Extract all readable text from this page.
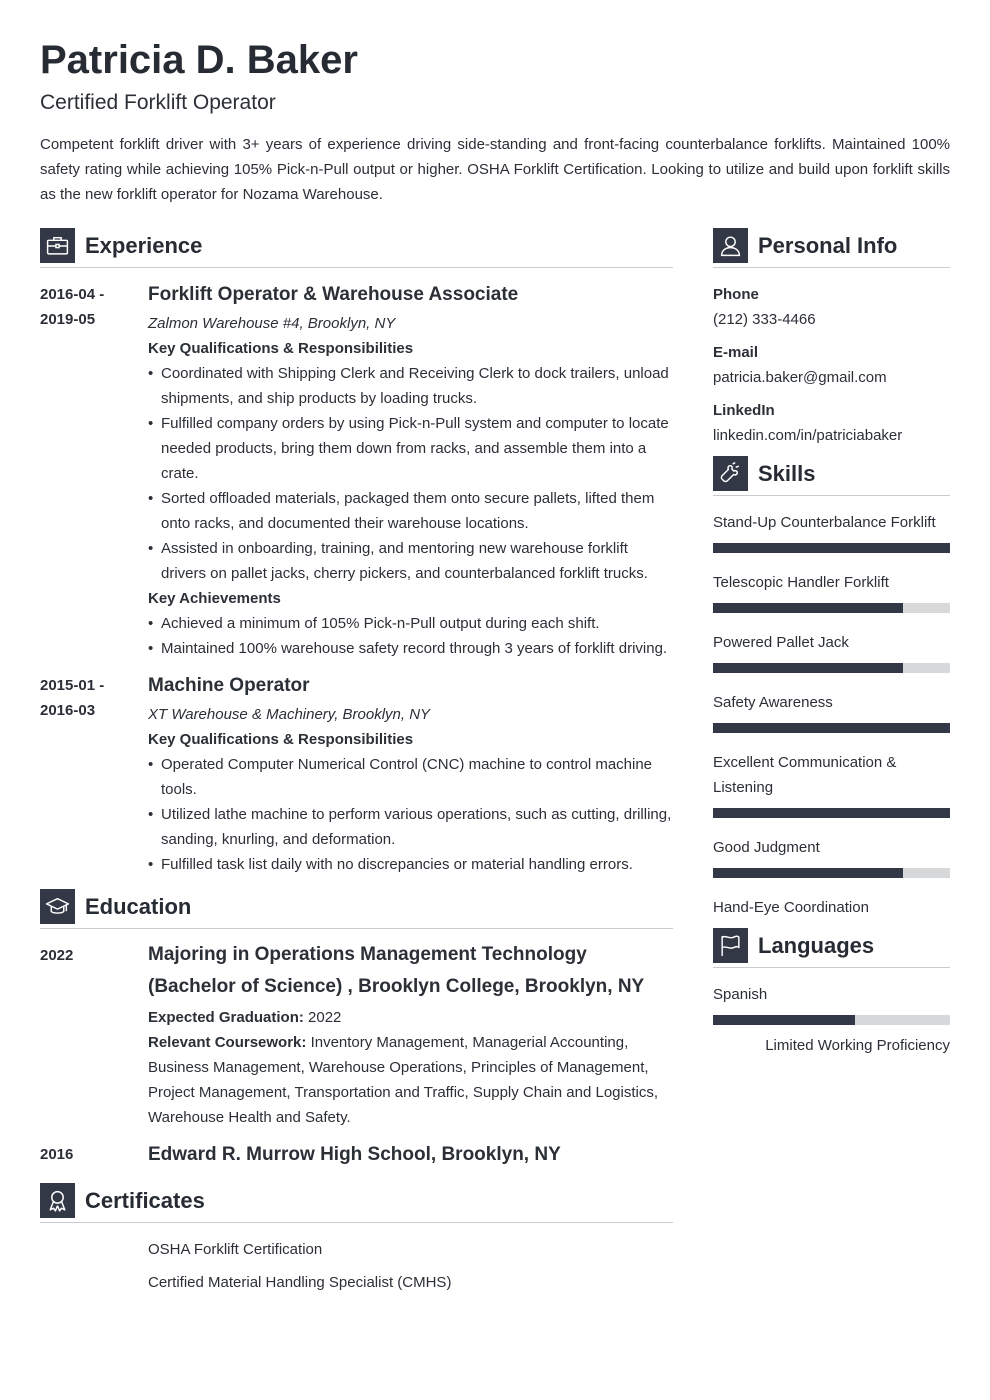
Patricia D. Baker
Certified Forklift Operator
Competent forklift driver with 3+ years of experience driving side-standing and front-facing counterbalance forklifts. Maintained 100% safety rating while achieving 105% Pick-n-Pull output or higher. OSHA Forklift Certification. Looking to utilize and build upon forklift skills as the new forklift operator for Nozama Warehouse.
Experience
2016-04 -
2019-05
Forklift Operator & Warehouse Associate
Zalmon Warehouse #4, Brooklyn, NY
Key Qualifications & Responsibilities
• Coordinated with Shipping Clerk and Receiving Clerk to dock trailers, unload shipments, and ship products by loading trucks.
• Fulfilled company orders by using Pick-n-Pull system and computer to locate needed products, bring them down from racks, and assemble them into a crate.
• Sorted offloaded materials, packaged them onto secure pallets, lifted them onto racks, and documented their warehouse locations.
• Assisted in onboarding, training, and mentoring new warehouse forklift drivers on pallet jacks, cherry pickers, and counterbalanced forklift trucks.
Key Achievements
• Achieved a minimum of 105% Pick-n-Pull output during each shift.
• Maintained 100% warehouse safety record through 3 years of forklift driving.
2015-01 -
2016-03
Machine Operator
XT Warehouse & Machinery, Brooklyn, NY
Key Qualifications & Responsibilities
• Operated Computer Numerical Control (CNC) machine to control machine tools.
• Utilized lathe machine to perform various operations, such as cutting, drilling, sanding, knurling, and deformation.
• Fulfilled task list daily with no discrepancies or material handling errors.
Education
2022	Majoring in Operations Management Technology (Bachelor of Science) , Brooklyn College, Brooklyn, NY
Expected Graduation: 2022
Relevant Coursework: Inventory Management, Managerial Accounting, Business Management, Warehouse Operations, Principles of Management, Project Management, Transportation and Traffic, Supply Chain and Logistics, Warehouse Health and Safety.
2016	Edward R. Murrow High School, Brooklyn, NY
Certificates
OSHA Forklift Certification
Certified Material Handling Specialist (CMHS)
Personal Info
Phone
(212) 333-4466
E-mail
patricia.baker@gmail.com
LinkedIn
linkedin.com/in/patriciabaker
Skills
Stand-Up Counterbalance Forklift
Telescopic Handler Forklift
Powered Pallet Jack
Safety Awareness
Excellent Communication & Listening
Good Judgment
Hand-Eye Coordination
Languages
Spanish
Limited Working Proficiency
